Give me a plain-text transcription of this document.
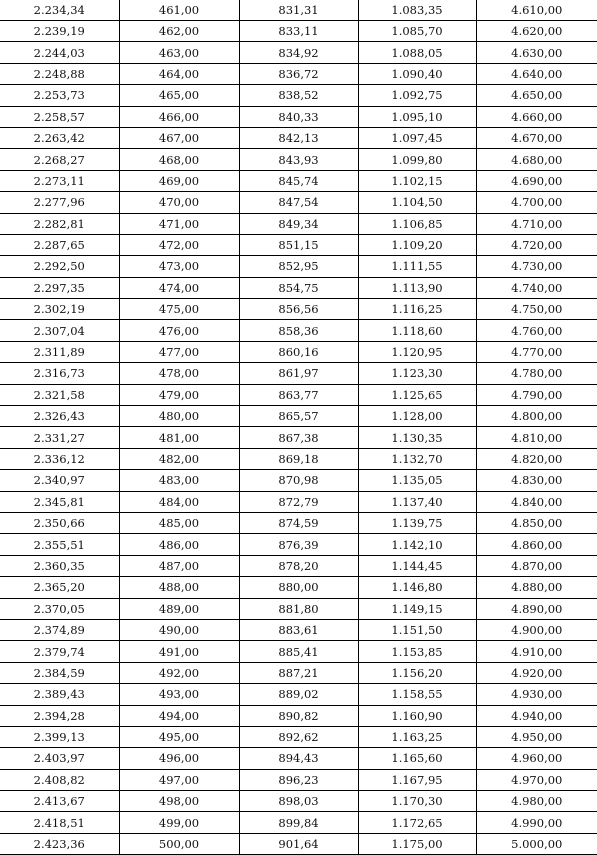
2.234,34	461,00	831,31	1.083,35	4.610,00
2.239,19	462,00	833,11	1.085,70	4.620,00
2.244,03	463,00	834,92	1.088,05	4.630,00
2.248,88	464,00	836,72	1.090,40	4.640,00
2.253,73	465,00	838,52	1.092,75	4.650,00
2.258,57	466,00	840,33	1.095,10	4.660,00
2.263,42	467,00	842,13	1.097,45	4.670,00
2.268,27	468,00	843,93	1.099,80	4.680,00
2.273,11	469,00	845,74	1.102,15	4.690,00
2.277,96	470,00	847,54	1.104,50	4.700,00
2.282,81	471,00	849,34	1.106,85	4.710,00
2.287,65	472,00	851,15	1.109,20	4.720,00
2.292,50	473,00	852,95	1.111,55	4.730,00
2.297,35	474,00	854,75	1.113,90	4.740,00
2.302,19	475,00	856,56	1.116,25	4.750,00
2.307,04	476,00	858,36	1.118,60	4.760,00
2.311,89	477,00	860,16	1.120,95	4.770,00
2.316,73	478,00	861,97	1.123,30	4.780,00
2.321,58	479,00	863,77	1.125,65	4.790,00
2.326,43	480,00	865,57	1.128,00	4.800,00
2.331,27	481,00	867,38	1.130,35	4.810,00
2.336,12	482,00	869,18	1.132,70	4.820,00
2.340,97	483,00	870,98	1.135,05	4.830,00
2.345,81	484,00	872,79	1.137,40	4.840,00
2.350,66	485,00	874,59	1.139,75	4.850,00
2.355,51	486,00	876,39	1.142,10	4.860,00
2.360,35	487,00	878,20	1.144,45	4.870,00
2.365,20	488,00	880,00	1.146,80	4.880,00
2.370,05	489,00	881,80	1.149,15	4.890,00
2.374,89	490,00	883,61	1.151,50	4.900,00
2.379,74	491,00	885,41	1.153,85	4.910,00
2.384,59	492,00	887,21	1.156,20	4.920,00
2.389,43	493,00	889,02	1.158,55	4.930,00
2.394,28	494,00	890,82	1.160,90	4.940,00
2.399,13	495,00	892,62	1.163,25	4.950,00
2.403,97	496,00	894,43	1.165,60	4.960,00
2.408,82	497,00	896,23	1.167,95	4.970,00
2.413,67	498,00	898,03	1.170,30	4.980,00
2.418,51	499,00	899,84	1.172,65	4.990,00
2.423,36	500,00	901,64	1.175,00	5.000,00
